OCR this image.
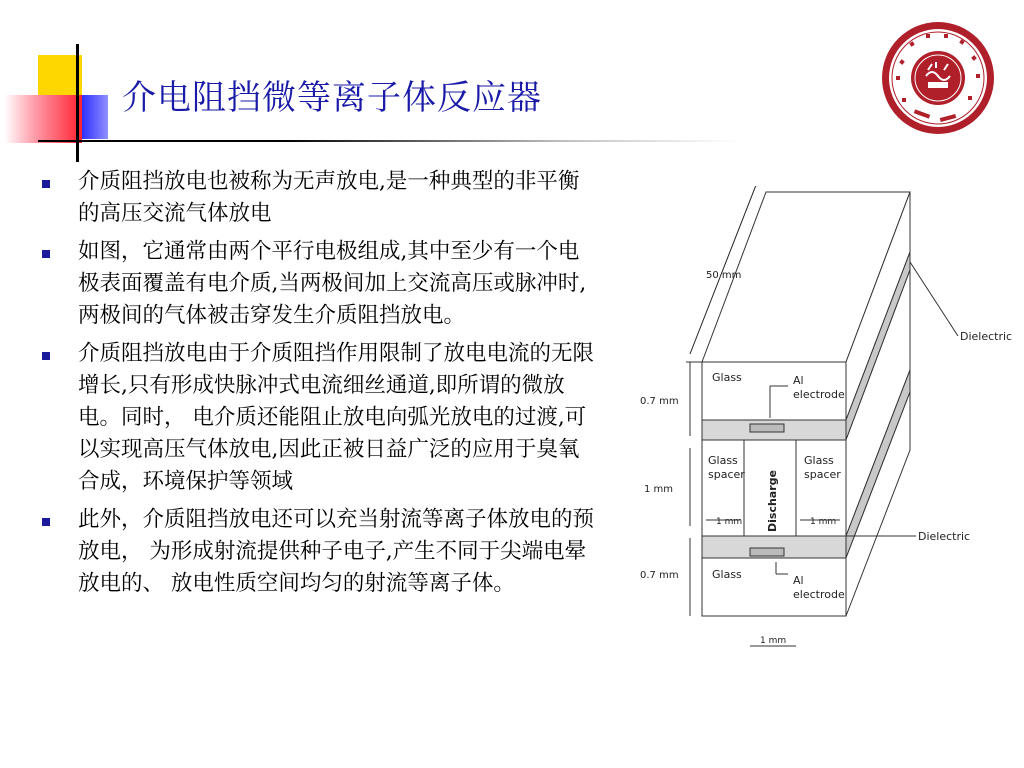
介电阻挡微等离子体反应器
介质阻挡放电也被称为无声放电,是一种典型的非平衡的高压交流气体放电
如图，它通常由两个平行电极组成,其中至少有一个电极表面覆盖有电介质,当两极间加上交流高压或脉冲时,两极间的气体被击穿发生介质阻挡放电。
介质阻挡放电由于介质阻挡作用限制了放电电流的无限增长,只有形成快脉冲式电流细丝通道,即所谓的微放电。同时， 电介质还能阻止放电向弧光放电的过渡,可以实现高压气体放电,因此正被日益广泛的应用于臭氧合成，环境保护等领域
此外，介质阻挡放电还可以充当射流等离子体放电的预放电， 为形成射流提供种子电子,产生不同于尖端电晕放电的、 放电性质空间均匀的射流等离子体。
Glass	Al
electrode
Glass
spacer
Glass
spacer
Discharge
1 mm	1 mm
Glass	Al
electrode
50 mm
Dielectric
Dielectric
0.7 mm
1 mm
0.7 mm
1 mm
